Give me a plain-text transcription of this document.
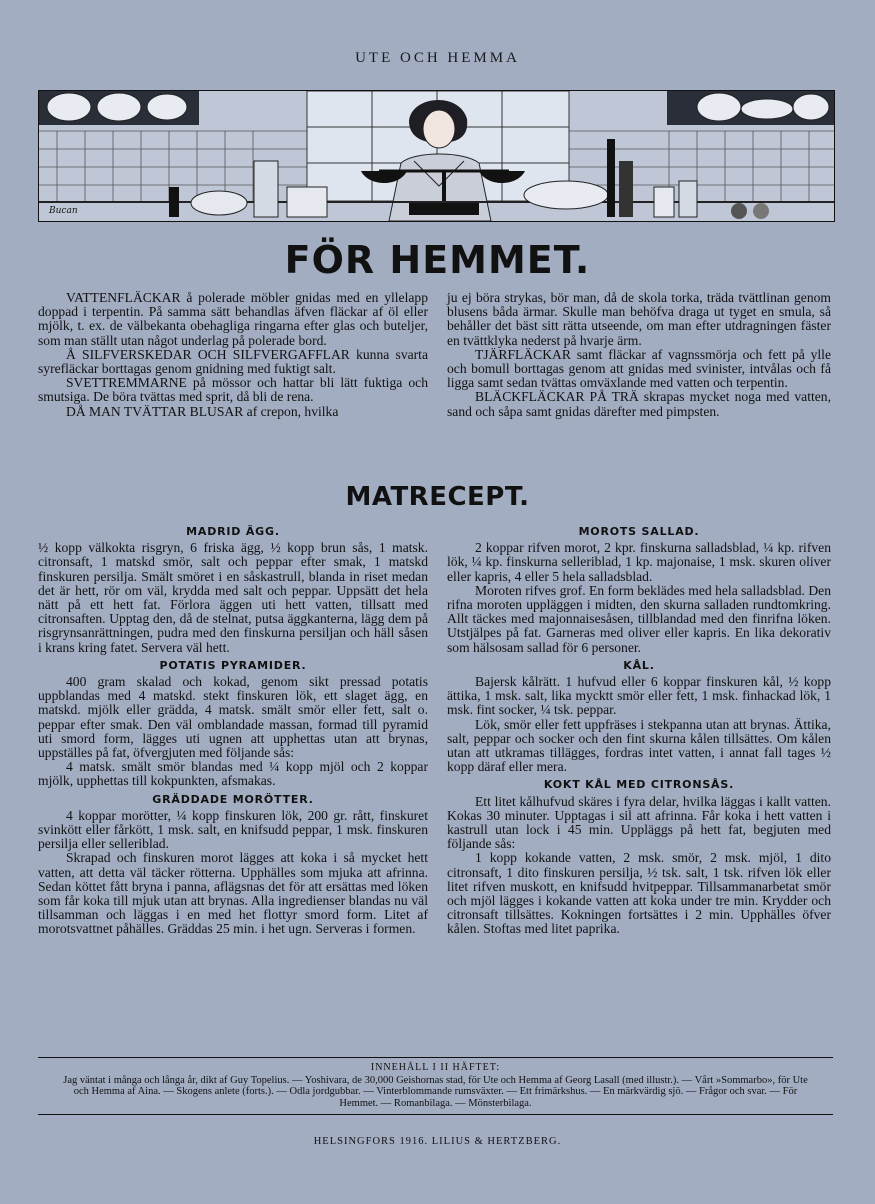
UTE OCH HEMMA
Bucan
FÖR HEMMET.

VATTENFLÄCKAR å polerade möbler gnidas med en yllelapp doppad i terpentin. På samma sätt behandlas äfven fläckar af öl eller mjölk, t. ex. de välbekanta obehagliga ringarna efter glas och buteljer, som man ställt utan något underlag på polerade bord.

Å SILFVERSKEDAR OCH SILFVERGAFFLAR kunna svarta syrefläckar borttagas genom gnidning med fuktigt salt.

SVETTREMMARNE på mössor och hattar bli lätt fuktiga och smutsiga. De böra tvättas med sprit, då bli de rena.

DÅ MAN TVÄTTAR BLUSAR af crepon, hvilka

ju ej böra strykas, bör man, då de skola torka, träda tvättlinan genom blusens båda ärmar. Skulle man behöfva draga ut tyget en smula, så behåller det bäst sitt rätta utseende, om man efter utdragningen fäster en tvättklyka nederst på hvarje ärm.

TJÄRFLÄCKAR samt fläckar af vagnssmörja och fett på ylle och bomull borttagas genom att gnidas med svinister, intvålas och få ligga samt sedan tvättas omväxlande med vatten och terpentin.

BLÄCKFLÄCKAR PÅ TRÄ skrapas mycket noga med vatten, sand och såpa samt gnidas därefter med pimpsten.

MATRECEPT.
MADRID ÄGG.

½ kopp välkokta risgryn, 6 friska ägg, ½ kopp brun sås, 1 matsk. citronsaft, 1 matskd smör, salt och peppar efter smak, 1 matskd finskuren persilja. Smält smöret i en såskastrull, blanda in riset medan det är hett, rör om väl, krydda med salt och peppar. Uppsätt det hela nätt på ett hett fat. Förlora äggen uti hett vatten, tillsatt med citronsaften. Upptag den, då de stelnat, putsa äggkanterna, lägg dem på risgrynsanrättningen, pudra med den finskurna persiljan och häll såsen i krans kring fatet. Servera väl hett.

POTATIS PYRAMIDER.

400 gram skalad och kokad, genom sikt pressad potatis uppblandas med 4 matskd. stekt finskuren lök, ett slaget ägg, en matskd. mjölk eller grädda, 4 matsk. smält smör eller fett, salt o. peppar efter smak. Den väl omblandade massan, formad till pyramid uti smord form, lägges uti ugnen att upphettas utan att brynas, uppställes på fat, öfvergjuten med följande sås:

4 matsk. smält smör blandas med ¼ kopp mjöl och 2 koppar mjölk, upphettas till kokpunkten, afsmakas.

GRÄDDADE MORÖTTER.

4 koppar morötter, ¼ kopp finskuren lök, 200 gr. rått, finskuret svinkött eller fårkött, 1 msk. salt, en knifsudd peppar, 1 msk. finskuren persilja eller selleriblad.

Skrapad och finskuren morot lägges att koka i så mycket hett vatten, att detta väl täcker rötterna. Upphälles som mjuka att afrinna. Sedan köttet fått bryna i panna, aflägsnas det för att ersättas med löken som får koka till mjuk utan att brynas. Alla ingredienser blandas nu väl tillsamman och läggas i en med het flottyr smord form. Litet af morotsvattnet påhälles. Gräddas 25 min. i het ugn. Serveras i formen.

MOROTS SALLAD.

2 koppar rifven morot, 2 kpr. finskurna salladsblad, ¼ kp. rifven lök, ¼ kp. finskurna selleriblad, 1 kp. majonaise, 1 msk. skuren oliver eller kapris, 4 eller 5 hela salladsblad.

Moroten rifves grof. En form beklädes med hela salladsblad. Den rifna moroten uppläggen i midten, den skurna salladen rundtomkring. Allt täckes med majonnaisesåsen, tillblandad med den finrifna löken. Utstjälpes på fat. Garneras med oliver eller kapris. En lika dekorativ som hälsosam sallad för 6 personer.

KÅL.

Bajersk kålrätt. 1 hufvud eller 6 koppar finskuren kål, ½ kopp ättika, 1 msk. salt, lika mycktt smör eller fett, 1 msk. finhackad lök, 1 msk. fint socker, ¼ tsk. peppar.

Lök, smör eller fett uppfräses i stekpanna utan att brynas. Ättika, salt, peppar och socker och den fint skurna kålen tillsättes. Om kålen utan att utkramas tillägges, fordras intet vatten, i annat fall tages ½ kopp däraf eller mera.

KOKT KÅL MED CITRONSÅS.

Ett litet kålhufvud skäres i fyra delar, hvilka läggas i kallt vatten. Kokas 30 minuter. Upptagas i sil att afrinna. Får koka i hett vatten i kastrull utan lock i 45 min. Uppläggs på hett fat, begjuten med följande sås:

1 kopp kokande vatten, 2 msk. smör, 2 msk. mjöl, 1 dito citronsaft, 1 dito finskuren persilja, ½ tsk. salt, 1 tsk. rifven lök eller litet rifven muskott, en knifsudd hvitpeppar. Tillsammanarbetat smör och mjöl lägges i kokande vatten att koka under tre min. Krydder och citronsaft tillsättes. Kokningen fortsättes i 2 min. Upphälles öfver kålen. Stoftas med litet paprika.

INNEHÅLL I II HÄFTET:
Jag väntat i många och långa år, dikt af Guy Topelius. — Yoshivara, de 30,000 Geishornas stad, för Ute och Hemma af Georg Lasall (med illustr.). — Vårt »Sommarbo», för Ute och Hemma af Aina. — Skogens anlete (forts.). — Odla jordgubbar. — Vinterblommande rumsväxter. — Ett frimärkshus. — En märkvärdig sjö. — Frågor och svar. — För Hemmet. — Romanbilaga. — Mönsterbilaga.
HELSINGFORS 1916. LILIUS & HERTZBERG.
